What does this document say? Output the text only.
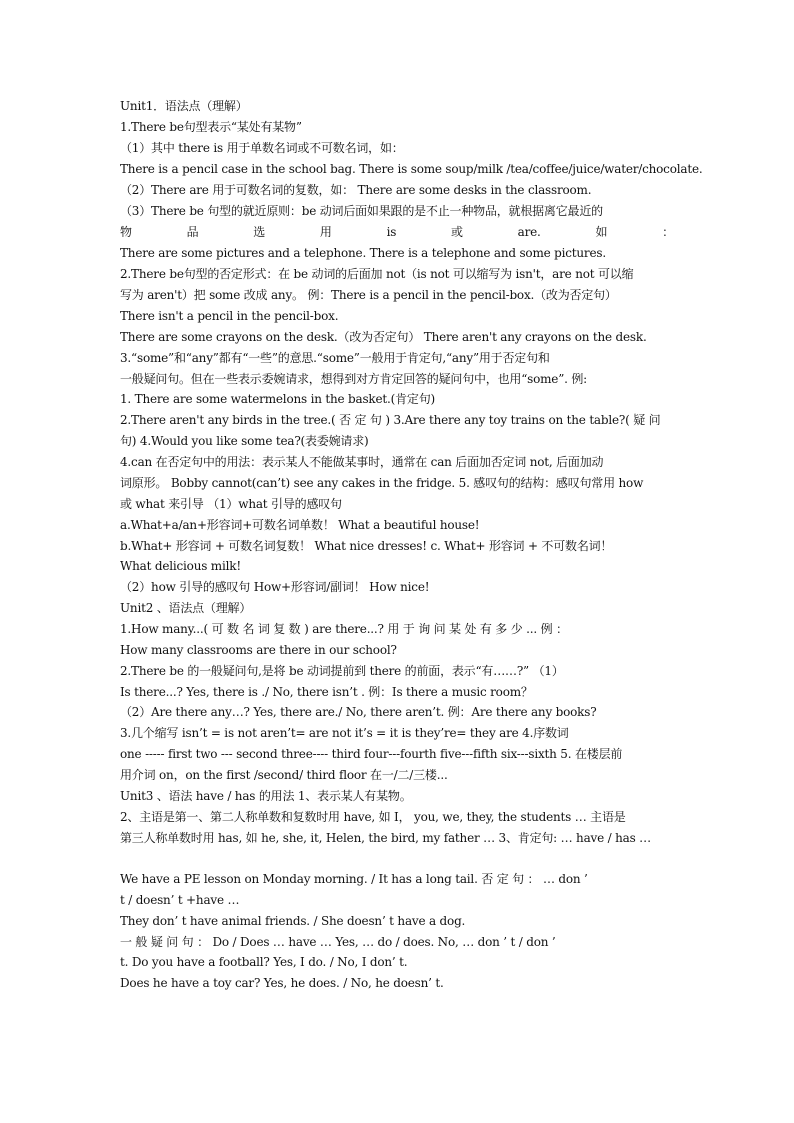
Unit1．语法点（理解）
1.There be句型表示“某处有某物”
（1）其中 there is 用于单数名词或不可数名词，如：
There is a pencil case in the school bag. There is some soup/milk /tea/coffee/juice/water/chocolate.
（2）There are 用于可数名词的复数，如： There are some desks in the classroom.
（3）There be 句型的就近原则：be 动词后面如果跟的是不止一种物品，就根据离它最近的
物	品	选	用	is	或	are.	如	：
There are some pictures and a telephone. There is a telephone and some pictures.
2.There be句型的否定形式：在 be 动词的后面加 not（is not 可以缩写为 isn't，are not 可以缩
写为 aren't）把 some 改成 any。 例：There is a pencil in the pencil-box.（改为否定句）
There isn't a pencil in the pencil-box.
There are some crayons on the desk.（改为否定句） There aren't any crayons on the desk.
3.“some”和“any”都有“一些”的意思.“some”一般用于肯定句,“any”用于否定句和
一般疑问句。但在一些表示委婉请求，想得到对方肯定回答的疑问句中，也用“some”. 例:
1. There are some watermelons in the basket.(肯定句)
2.There aren't any birds in the tree.( 否 定 句 ) 3.Are there any toy trains on the table?( 疑 问
句) 4.Would you like some tea?(表委婉请求)
4.can 在否定句中的用法：表示某人不能做某事时，通常在 can 后面加否定词 not, 后面加动
词原形。 Bobby cannot(can’t) see any cakes in the fridge. 5. 感叹句的结构：感叹句常用 how
或 what 来引导 （1）what 引导的感叹句
a.What+a/an+形容词+可数名词单数！ What a beautiful house!
b.What+ 形容词 + 可数名词复数！ What nice dresses! c. What+ 形容词 + 不可数名词！
What delicious milk!
（2）how 引导的感叹句 How+形容词/副词！ How nice!
Unit2 、语法点（理解）
1.How many...( 可 数 名 词 复 数 ) are there...? 用 于 询 问 某 处 有 多 少 ... 例 ：
How many classrooms are there in our school?
2.There be 的一般疑问句,是将 be 动词提前到 there 的前面，表示“有……?” （1）
Is there...? Yes, there is ./ No, there isn’t . 例：Is there a music room？
（2）Are there any…? Yes, there are./ No, there aren’t. 例：Are there any books?
3.几个缩写 isn’t = is not aren’t= are not it’s = it is they’re= they are 4.序数词
one ----- first two --- second three---- third four---fourth five---fifth six---sixth 5. 在楼层前
用介词 on，on the first /second/ third floor 在一/二/三楼...
Unit3 、语法 have / has 的用法 1、表示某人有某物。
2、主语是第一、第二人称单数和复数时用 have, 如 I， you, we, they, the students … 主语是
第三人称单数时用 has, 如 he, she, it, Helen, the bird, my father … 3、肯定句: … have / has …
We have a PE lesson on Monday morning. / It has a long tail. 否 定 句 ： … don ’
t / doesn’ t +have …
They don’ t have animal friends. / She doesn’ t have a dog.
一 般 疑 问 句 ： Do / Does … have … Yes, … do / does. No, … don ’ t / don ’
t. Do you have a football? Yes, I do. / No, I don’ t.
Does he have a toy car? Yes, he does. / No, he doesn’ t.
